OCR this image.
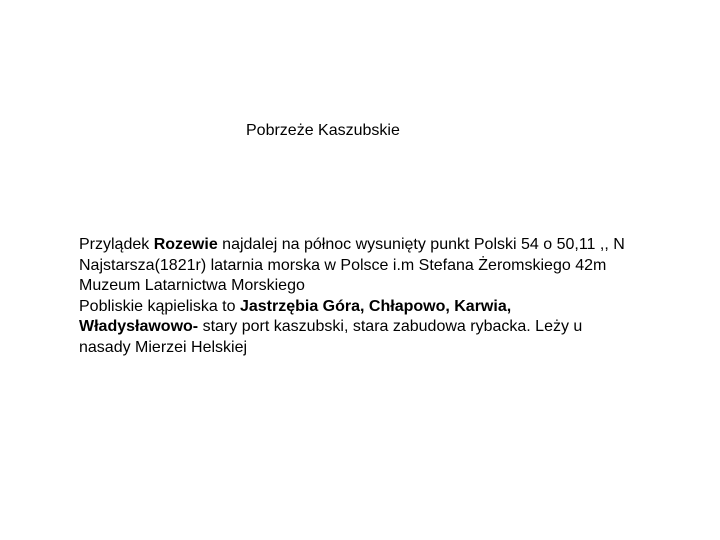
Pobrzeże Kaszubskie
Przylądek Rozewie najdalej na północ wysunięty punkt Polski 54 o 50,11 ,, N
Najstarsza(1821r) latarnia morska w Polsce i.m Stefana Żeromskiego 42m
Muzeum Latarnictwa Morskiego
Pobliskie kąpieliska to Jastrzębia Góra, Chłapowo, Karwia,
Władysławowo- stary port kaszubski, stara zabudowa rybacka. Leży u
nasady Mierzei Helskiej
